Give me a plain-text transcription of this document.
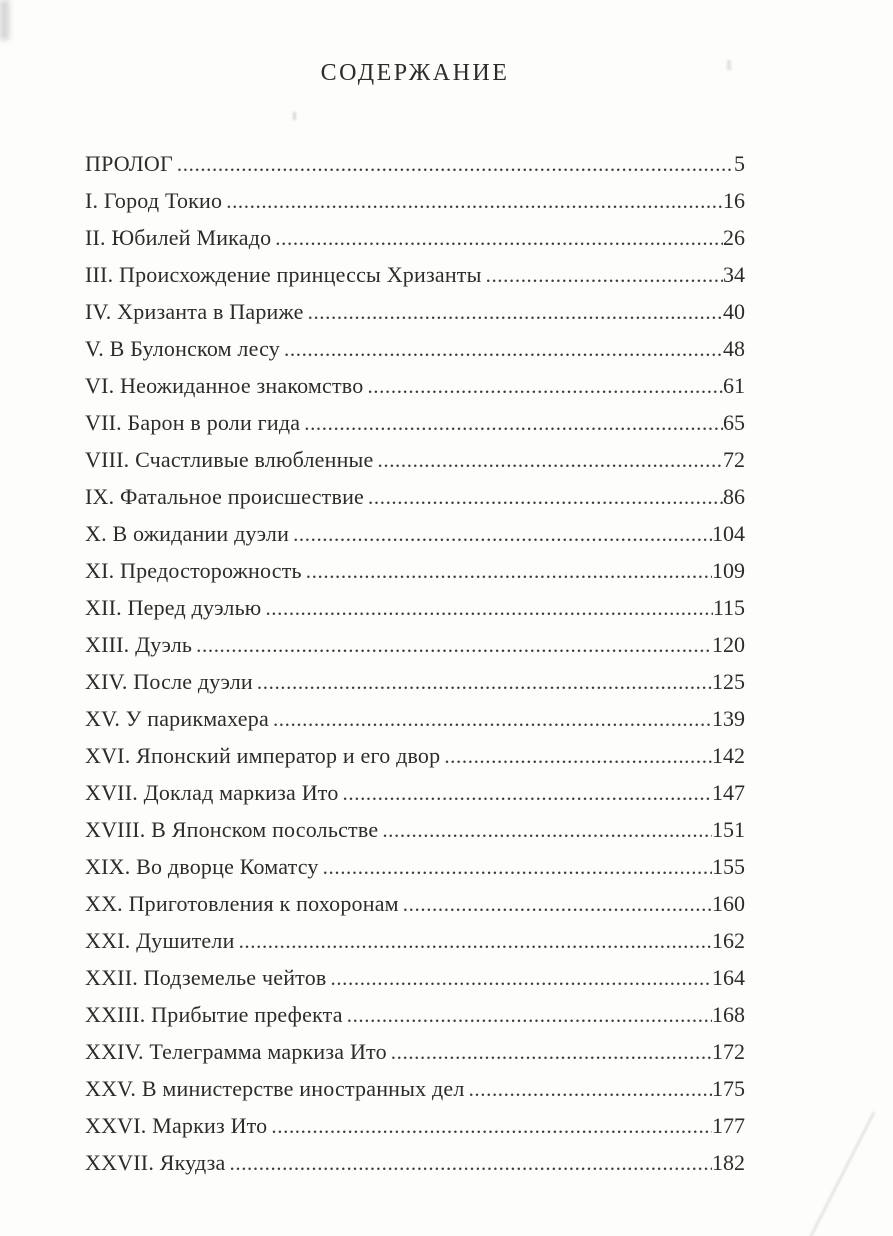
СОДЕРЖАНИЕ
ПРОЛОГ .....	5
I. Город Токио .....	16
II. Юбилей Микадо .....	26
III. Происхождение принцессы Хризанты .....	34
IV. Хризанта в Париже .....	40
V. В Булонском лесу .....	48
VI. Неожиданное знакомство .....	61
VII. Барон в роли гида .....	65
VIII. Счастливые влюбленные .....	72
IX. Фатальное происшествие .....	86
X. В ожидании дуэли .....	104
XI. Предосторожность .....	109
XII. Перед дуэлью .....	115
XIII. Дуэль .....	120
XIV. После дуэли .....	125
XV. У парикмахера .....	139
XVI. Японский император и его двор .....	142
XVII. Доклад маркиза Ито .....	147
XVIII. В Японском посольстве .....	151
XIX. Во дворце Коматсу .....	155
XX. Приготовления к похоронам .....	160
XXI. Душители .....	162
XXII. Подземелье чейтов .....	164
XXIII. Прибытие префекта .....	168
XXIV. Телеграмма маркиза Ито .....	172
XXV. В министерстве иностранных дел .....	175
XXVI. Маркиз Ито .....	177
XXVII. Якудза .....	182
